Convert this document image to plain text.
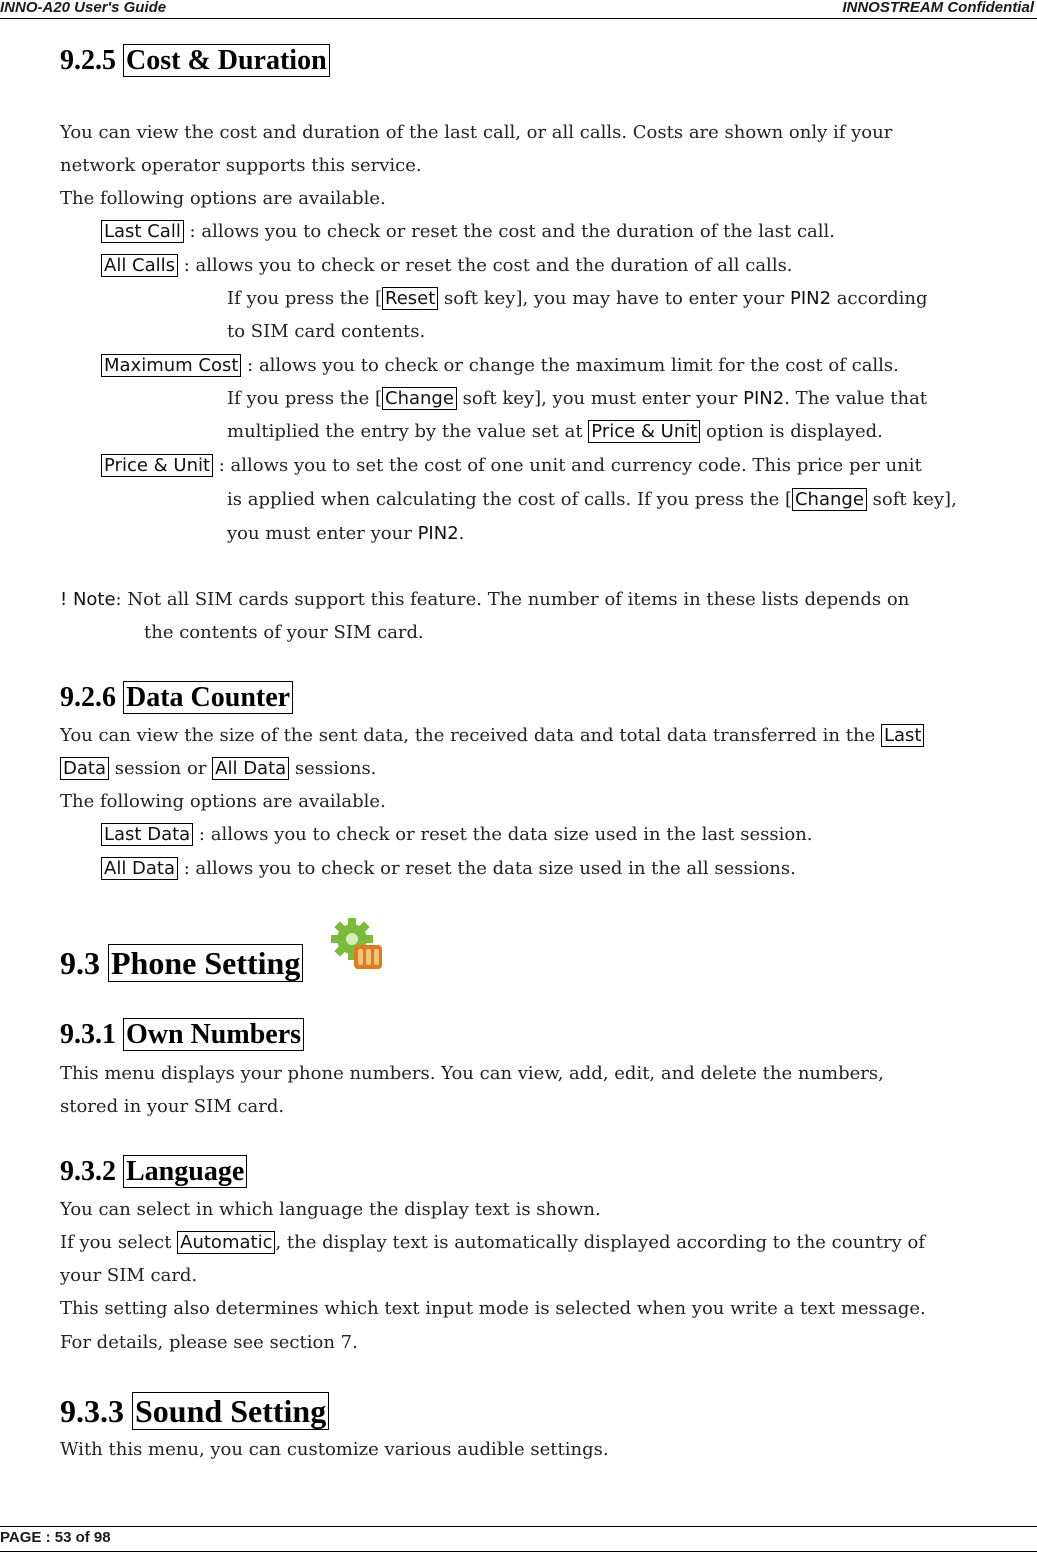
INNO-A20 User's Guide	INNOSTREAM Confidential
9.2.5 Cost & Duration
You can view the cost and duration of the last call, or all calls. Costs are shown only if your
network operator supports this service.
The following options are available.
Last Call : allows you to check or reset the cost and the duration of the last call.
All Calls : allows you to check or reset the cost and the duration of all calls.
If you press the [ Reset soft key], you may have to enter your PIN2 according
to SIM card contents.
Maximum Cost : allows you to check or change the maximum limit for the cost of calls.
If you press the [ Change soft key], you must enter your PIN2. The value that
multiplied the entry by the value set at Price & Unit option is displayed.
Price & Unit : allows you to set the cost of one unit and currency code. This price per unit
is applied when calculating the cost of calls. If you press the [ Change soft key],
you must enter your PIN2.
! Note: Not all SIM cards support this feature. The number of items in these lists depends on
the contents of your SIM card.
9.2.6 Data Counter
You can view the size of the sent data, the received data and total data transferred in the Last
Data session or All Data sessions.
The following options are available.
Last Data : allows you to check or reset the data size used in the last session.
All Data : allows you to check or reset the data size used in the all sessions.
9.3 Phone Setting
9.3.1 Own Numbers
This menu displays your phone numbers. You can view, add, edit, and delete the numbers,
stored in your SIM card.
9.3.2 Language
You can select in which language the display text is shown.
If you select Automatic , the display text is automatically displayed according to the country of
your SIM card.
This setting also determines which text input mode is selected when you write a text message.
For details, please see section 7.
9.3.3 Sound Setting
With this menu, you can customize various audible settings.
PAGE : 53 of 98
